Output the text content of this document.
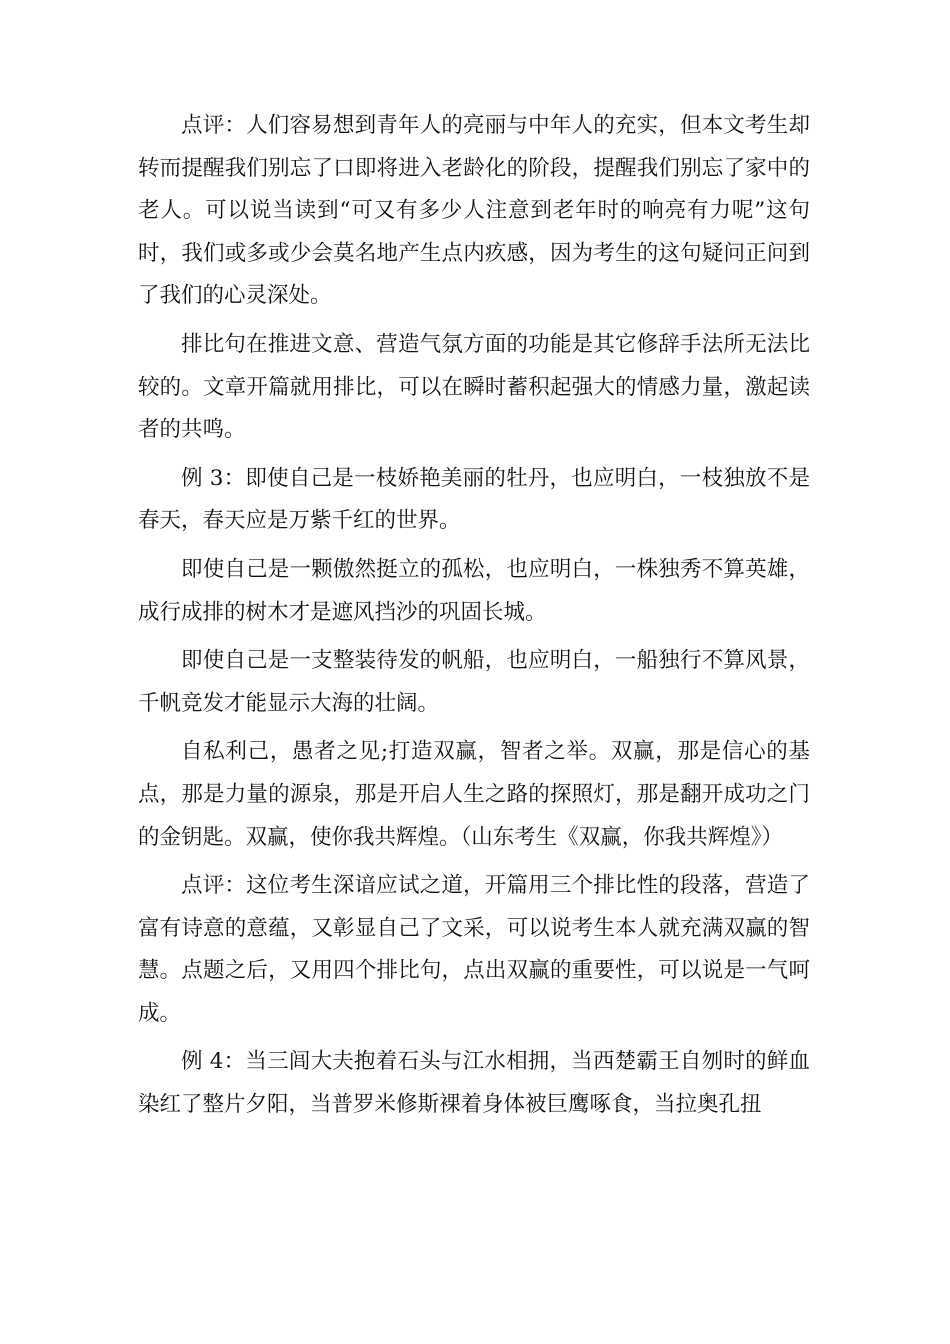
点评：人们容易想到青年人的亮丽与中年人的充实，但本文考生却转而提醒我们别忘了口即将进入老龄化的阶段，提醒我们别忘了家中的老人。可以说当读到“可又有多少人注意到老年时的响亮有力呢”这句时，我们或多或少会莫名地产生点内疚感，因为考生的这句疑问正问到了我们的心灵深处。

排比句在推进文意、营造气氛方面的功能是其它修辞手法所无法比较的。文章开篇就用排比，可以在瞬时蓄积起强大的情感力量，激起读者的共鸣。

例 3：即使自己是一枝娇艳美丽的牡丹，也应明白，一枝独放不是春天，春天应是万紫千红的世界。

即使自己是一颗傲然挺立的孤松，也应明白，一株独秀不算英雄，成行成排的树木才是遮风挡沙的巩固长城。

即使自己是一支整装待发的帆船，也应明白，一船独行不算风景，千帆竞发才能显示大海的壮阔。

自私利己，愚者之见;打造双赢，智者之举。双赢，那是信心的基点，那是力量的源泉，那是开启人生之路的探照灯，那是翻开成功之门的金钥匙。双赢，使你我共辉煌。（山东考生《双赢，你我共辉煌》）

点评：这位考生深谙应试之道，开篇用三个排比性的段落，营造了富有诗意的意蕴，又彰显自己了文采，可以说考生本人就充满双赢的智慧。点题之后，又用四个排比句，点出双赢的重要性，可以说是一气呵成。

例 4：当三闾大夫抱着石头与江水相拥，当西楚霸王自刎时的鲜血染红了整片夕阳，当普罗米修斯裸着身体被巨鹰啄食，当拉奥孔扭
